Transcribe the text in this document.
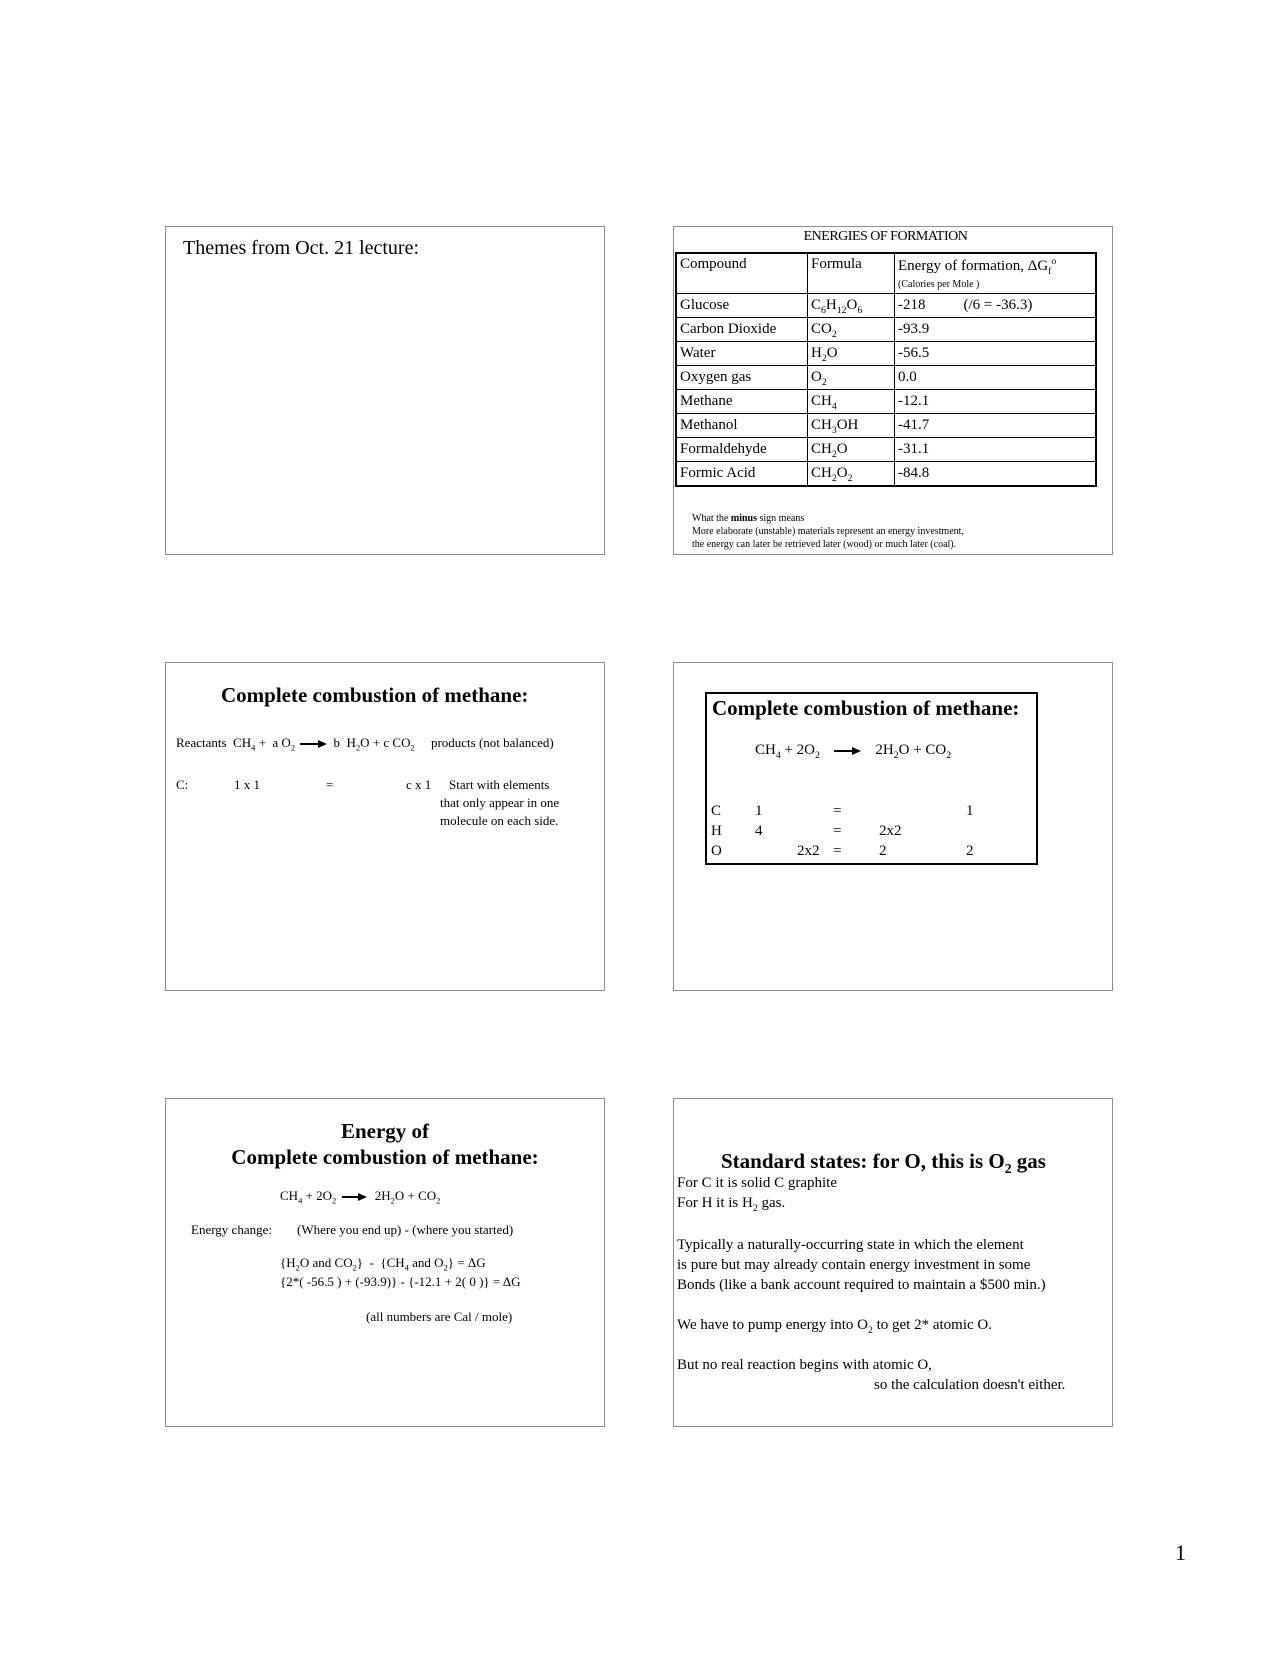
Themes from Oct. 21 lecture:
ENERGIES OF FORMATION
Compound	Formula	Energy of formation, $\Delta G_f^o$
(Calories per Mole )
Glucose	$C_6H_{12}O_6$	-218 (/6 = -36.3)
Carbon Dioxide	$CO_2$	-93.9
Water	$H_2O$	-56.5
Oxygen gas	$O_2$	0.0
Methane	$CH_4$	-12.1
Methanol	$CH_3OH$	-41.7
Formaldehyde	$CH_2O$	-31.1
Formic Acid	$CH_2O_2$	-84.8
What the minus sign means
More elaborate (unstable) materials represent an energy investment,
the energy can later be retrieved later (wood) or much later (coal).
Complete combustion of methane:
Reactants  $CH_4 + a$ $O_2$	b  $H_2O + c$ $CO_2$ products (not balanced)
C:	1 x 1	=	c x 1 Start with elements
that only appear in one
molecule on each side.
Complete combustion of methane:
$CH_4 + 2O_2$	$2H_2O + CO_2$
C 1	=	1
H 4	=	2x2
O	2x2 =	2	2
Energy of
Complete combustion of methane:
$CH_4 + 2O_2$	$2H_2O + CO_2$
Energy change: (Where you end up) - (where you started)
{$H_2O$ and $CO_2\} - \{CH_4$ and $O_2\} = \Delta G$
{2*( -56.5 ) + (-93.9)} - {-12.1 + 2( 0 )} = ΔG
(all numbers are Cal / mole)
Standard states: for O, this is $O_2$ gas
For C it is solid C graphite
For H it is $H_2$ gas.
Typically a naturally-occurring state in which the element
is pure but may already contain energy investment in some
Bonds (like a bank account required to maintain a $500 min.)
We have to pump energy into $O_2$ to get 2* atomic O.
But no real reaction begins with atomic O,
so the calculation doesn't either.
1
